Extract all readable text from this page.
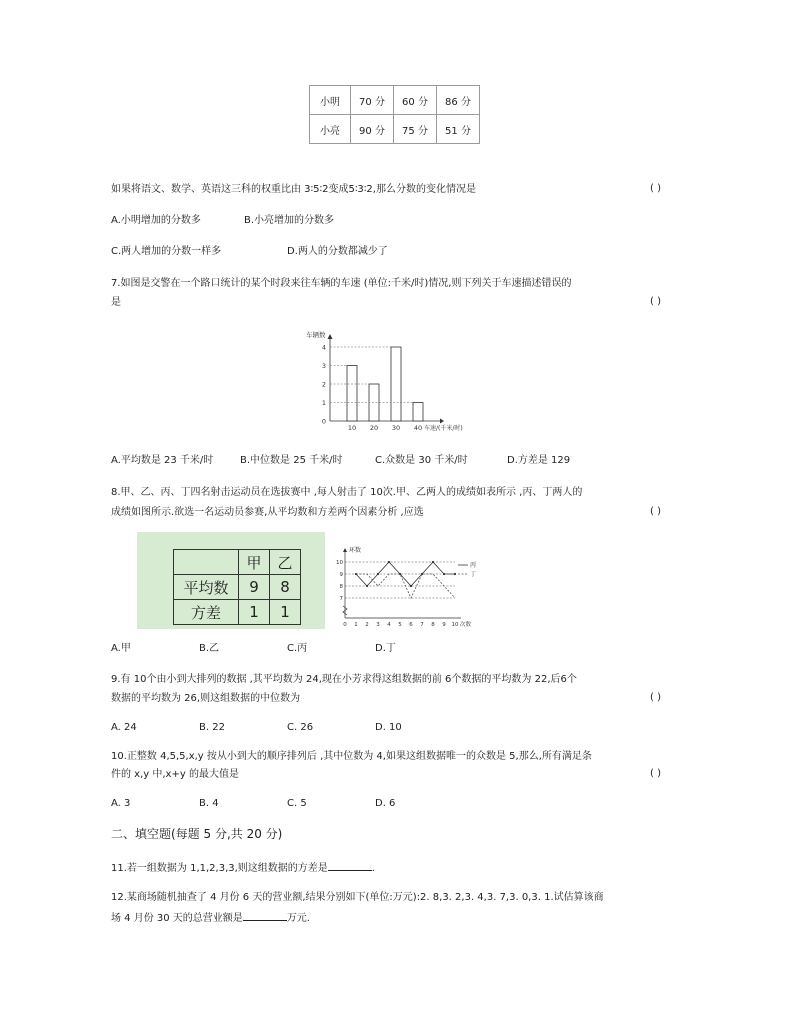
小明	70 分	60 分	86 分
小亮	90 分	75 分	51 分
如果将语文、数学、英语这三科的权重比由 3∶5∶2变成5∶3∶2,那么分数的变化情况是	( )
A.小明增加的分数多	B.小亮增加的分数多
C.两人增加的分数一样多	D.两人的分数都减少了
7.如图是交警在一个路口统计的某个时段来往车辆的车速 (单位:千米/时)情况,则下列关于车速描述错误的
是	( )
车辆数
车速/(千米/时)
0
1
2
3
4
10 20 30 40
A.平均数是 23 千米/时	B.中位数是 25 千米/时	C.众数是 30 千米/时	D.方差是 129
8.甲、乙、丙、丁四名射击运动员在选拔赛中 ,每人射击了 10次.甲、乙两人的成绩如表所示 ,丙、丁两人的
成绩如图所示.欲选一名运动员参赛,从平均数和方差两个因素分析 ,应选	( )
	甲	乙
平均数	9	8
方差	1	1
环数
7
8
9
10
0 1 2 3 4 5 6 7 8 9 10 次数
丙
丁
A.甲	B.乙	C.丙	D.丁
9.有 10个由小到大排列的数据 ,其平均数为 24,现在小芳求得这组数据的前 6个数据的平均数为 22,后6个
数据的平均数为 26,则这组数据的中位数为	( )
A. 24	B. 22	C. 26	D. 10
10.正整数 4,5,5,x,y 按从小到大的顺序排列后 ,其中位数为 4,如果这组数据唯一的众数是 5,那么,所有满足条
件的 x,y 中,x+y 的最大值是	( )
A. 3	B. 4	C. 5	D. 6
二、填空题(每题 5 分,共 20 分)
11.若一组数据为 1,1,2,3,3,则这组数据的方差是	.
12.某商场随机抽查了 4 月份 6 天的营业额,结果分别如下(单位:万元):2. 8,3. 2,3. 4,3. 7,3. 0,3. 1.试估算该商
场 4 月份 30 天的总营业额是	万元.
